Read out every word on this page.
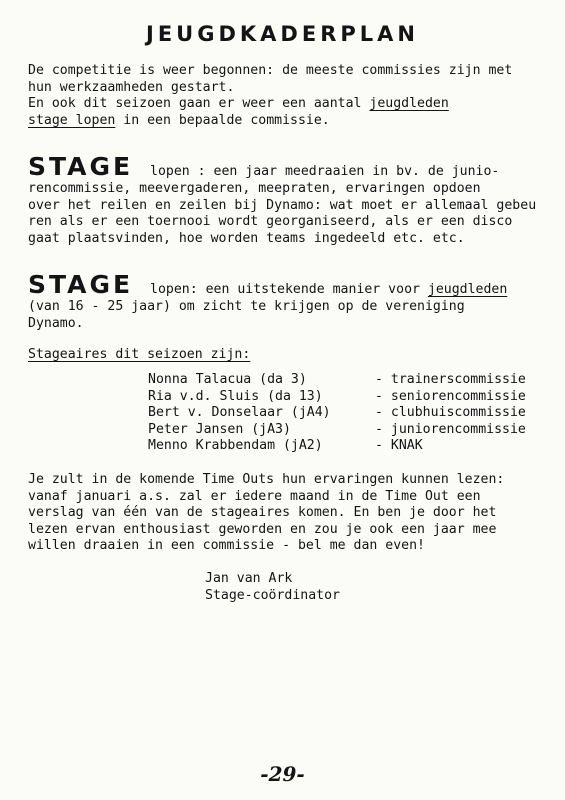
JEUGDKADERPLAN
De competitie is weer begonnen: de meeste commissies zijn met
hun werkzaamheden gestart.
En ook dit seizoen gaan er weer een aantal jeugdleden
stage lopen in een bepaalde commissie.
STAGE lopen : een jaar meedraaien in bv. de junio-
rencommissie, meevergaderen, meepraten, ervaringen opdoen
over het reilen en zeilen bij Dynamo: wat moet er allemaal gebeu
ren als er een toernooi wordt georganiseerd, als er een disco
gaat plaatsvinden, hoe worden teams ingedeeld etc. etc.
STAGE lopen: een uitstekende manier voor jeugdleden
(van 16 - 25 jaar) om zicht te krijgen op de vereniging
Dynamo.
Stageaires dit seizoen zijn:
Nonna Talacua (da 3)	- trainerscommissie
Ria v.d. Sluis (da 13)	- seniorencommissie
Bert v. Donselaar (jA4)	- clubhuiscommissie
Peter Jansen (jA3)	- juniorencommissie
Menno Krabbendam (jA2)	- KNAK
Je zult in de komende Time Outs hun ervaringen kunnen lezen:
vanaf januari a.s. zal er iedere maand in de Time Out een
verslag van één van de stageaires komen. En ben je door het
lezen ervan enthousiast geworden en zou je ook een jaar mee
willen draaien in een commissie - bel me dan even!
Jan van Ark
Stage-coördinator
-29-
